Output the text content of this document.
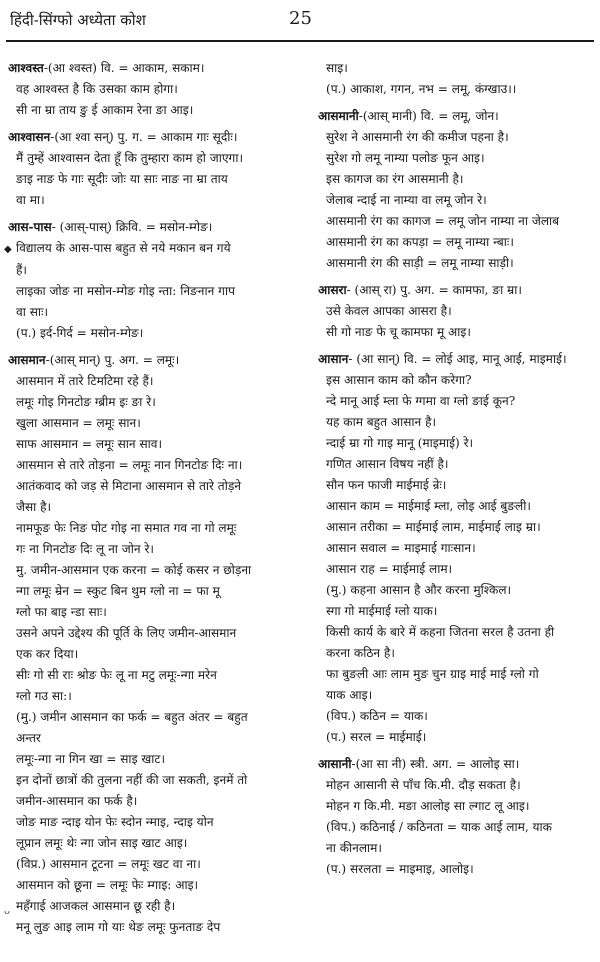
हिंदी-सिंग्फो अध्येता कोश	25
आश्वस्त-(आ श्वस्त) वि. = आकाम, सकाम।
वह आश्वस्त है कि उसका काम होगा।
सी ना म्रा ताय ङु ई आकाम रेना ङा आइ।
आश्वासन-(आ श्वा सन्) पु. ग. = आकाम गाः सूदीः।
मैं तुम्हें आश्वासन देता हूँ कि तुम्हारा काम हो जाएगा।
ङाइ नाङ फे गाः सूदीः जोः या साः नाङ ना म्रा ताय
वा मा।
आस-पास- (आस्-पास्) क्रिवि. = मसोन-म्गेङ।
◆ विद्यालय के आस-पास बहुत से नये मकान बन गये
हैं।
लाइका जोङ ना मसोन-म्गेङ गोइ न्ता: निङनान गाप
वा साः।
(प.) इर्द-गिर्द = मसोन-म्गेङ।
आसमान-(आस् मान्) पु. अग. = लमूः।
आसमान में तारे टिमटिमा रहे हैं।
लमूः गोइ गिनटोङ ग्ब्रीम इः ङा रे।
खुला आसमान = लमूः सान।
साफ आसमान = लमूः सान साव।
आसमान से तारे तोड़ना = लमूः नान गिनटोङ दिः ना।
आतंकवाद को जड़ से मिटाना आसमान से तारे तोड़ने
जैसा है।
नामफूङ फेः निङ पोट गोइ ना समात गव ना गो लमूः
गः ना गिनटोङ दिः लू ना जोन रे।
मु. जमीन-आसमान एक करना = कोई कसर न छोड़ना
न्गा लमूः म्रेन = स्कुट बिन थुम ग्लो ना = फा मू
ग्लो फा बाइ न्डा साः।
उसने अपने उद्देश्य की पूर्ति के लिए जमीन-आसमान
एक कर दिया।
सीः गो सी राः श्रोङ फेः लू ना मटु लमूः-न्गा मरेन
ग्लो गउ सा:।
(मु.) जमीन आसमान का फर्क = बहुत अंतर = बहुत
अन्तर
लमूः-न्गा ना गिन खा = साइ खाट।
इन दोनों छात्रों की तुलना नहीं की जा सकती, इनमें तो
जमीन-आसमान का फर्क है।
जोङ माङ न्दाइ योन फेः स्दोन न्माइ, न्दाइ योन
लूप्रान लमूः थेः न्गा जोन साइ खाट आइ।
(विप्र.) आसमान टूटना = लमूः खट वा ना।
आसमान को छूना = लमूः फेः म्गाइ: आइ।
महँगाई आजकल आसमान छू रही है।
मनू लुङ आइ लाम गो याः थेङ लमूः फुनताङ देप
साइ।
(प.) आकाश, गगन, नभ = लमू, कंग्खाउ।।
आसमानी-(आस् मानी) वि. = लमू, जोन।
सुरेश ने आसमानी रंग की कमीज पहना है।
सुरेश गो लमू नाम्या पलोङ फून आइ।
इस कागज का रंग आसमानी है।
जेलाब न्दाई ना नाम्या वा लमू जोन रे।
आसमानी रंग का कागज = लमू जोन नाम्या ना जेलाब
आसमानी रंग का कपड़ा = लमू नाम्या न्बाः।
आसमानी रंग की साड़ी = लमू नाम्या साड़ी।
आसरा- (आस् रा) पु. अग. = कामफा, ङा म्रा।
उसे केवल आपका आसरा है।
सी गो नाङ फे चू कामफा मू आइ।
आसान- (आ सान्) वि. = लोई आइ, मानू आई, माइमाई।
इस आसान काम को कौन करेगा?
न्दे मानू आई म्ला फे ग्गमा वा ग्लो ङाई कून?
यह काम बहुत आसान है।
न्दाई म्रा गो गाइ मानू (माइमाई) रे।
गणित आसान विषय नहीं है।
सौन फन फाजी माईमाई न्रेः।
आसान काम = माईमाई म्ला, लोइ आई बुङली।
आसान तरीका = माईमाई लाम, माईमाई लाइ म्रा।
आसान सवाल = माइमाई गाःसान।
आसान राह = माईमाई लाम।
(मु.) कहना आसान है और करना मुश्किल।
स्गा गो माईमाई ग्लो याक।
किसी कार्य के बारे में कहना जितना सरल है उतना ही
करना कठिन है।
फा बुङली आः लाम मुङ चुन ग्राइ माई माई ग्लो गो
याक आइ।
(विप.) कठिन = याक।
(प.) सरल = माईमाई।
आसानी-(आ सा नी) स्त्री. अग. = आलोइ सा।
मोहन आसानी से पाँच कि.मी. दौड़ सकता है।
मोहन ग कि.मी. मङा आलोइ सा ल्गाट लू आइ।
(विप.) कठिनाई / कठिनता = याक आई लाम, याक
ना कीनलाम।
(प.) सरलता = माइमाइ, आलोइ।
ᴗ
